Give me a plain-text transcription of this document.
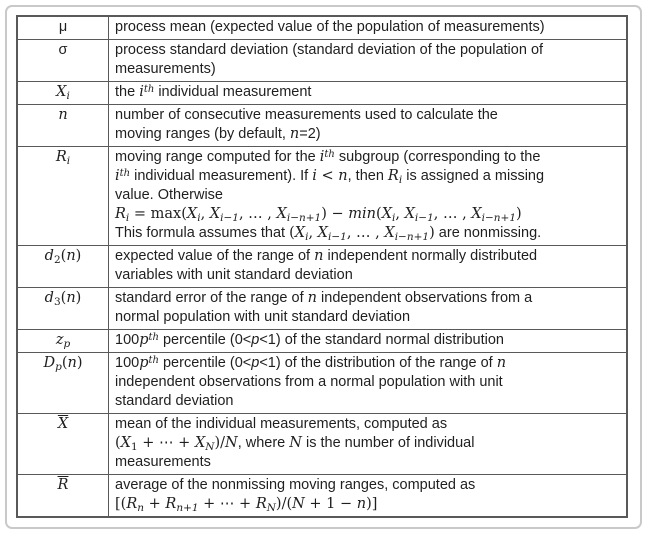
μ	process mean (expected value of the population of measurements)
σ	process standard deviation (standard deviation of the population of
measurements)
$X_i$	the $i^{th}$ individual measurement
n	number of consecutive measurements used to calculate the
moving ranges (by default, n=2)
$R_i$	moving range computed for the $i^{th}$ subgroup (corresponding to the
$i^{th}$ individual measurement). If i < n, then $R_i$ is assigned a missing
value. Otherwise
$R_i = \max(X_i$, $X_{i-1}$, … , $X_{i-n+1}) - \min(X_i$, $X_{i-1}$, … , $X_{i-n+1}$)
This formula assumes that ($X_i$, $X_{i-1}$, … , $X_{i-n+1}$) are nonmissing.
$d_2(n)$	expected value of the range of n independent normally distributed
variables with unit standard deviation
$d_3(n)$	standard error of the range of n independent observations from a
normal population with unit standard deviation
$z_p$	$100p^{th}$ percentile (0<p<1) of the standard normal distribution
$D_p(n)$	$100p^{th}$ percentile (0<p<1) of the distribution of the range of n
independent observations from a normal population with unit
standard deviation
$\overline{X}$	mean of the individual measurements, computed as
($X_1$ + ⋯ + $X_N)/N$, where N is the number of individual
measurements
$\overline{R}$	average of the nonmissing moving ranges, computed as
[($R_n + R_{n+1}$ + ⋯ + $R_N)/(N + 1 - n)$]
